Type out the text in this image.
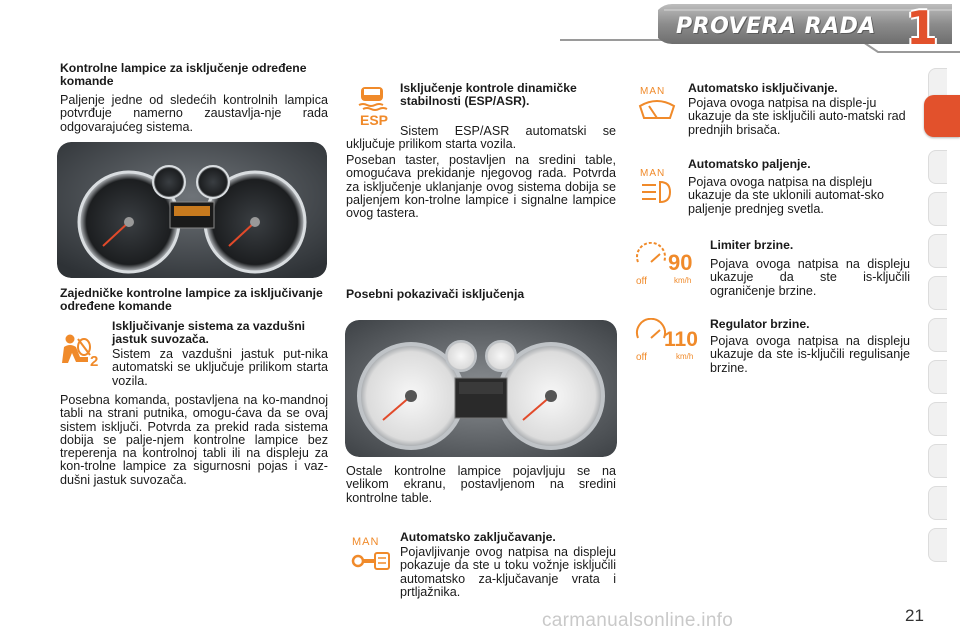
PROVERA RADA 1
Kontrolne lampice za isključenje određene komande
Paljenje jedne od sledećih kontrolnih lampica potvrđuje namerno zaustavlja-nje rada odgovarajućeg sistema.
Zajedničke kontrolne lampice za isključivanje određene komande
2
Isključivanje sistema za vazdušni jastuk suvozača.
Sistem za vazdušni jastuk put-nika automatski se uključuje prilikom starta vozila.
Posebna komanda, postavljena na ko-mandnoj tabli na strani putnika, omogu-ćava da se ovaj sistem isključi. Potvrda za prekid rada sistema dobija se palje-njem kontrolne lampice bez treperenja na kontrolnoj tabli ili na displeju za kon-trolne lampice za sigurnosni pojas i vaz-dušni jastuk suvozača.
ESP
Isključenje kontrole dinamičke stabilnosti (ESP/ASR).
Sistem ESP/ASR automatski se uključuje prilikom starta vozila.
Poseban taster, postavljen na sredini table, omogućava prekidanje njegovog rada. Potvrda za isključenje uklanjanje ovog sistema dobija se paljenjem kon-trolne lampice i signalne lampice ovog tastera.
Posebni pokazivači isključenja
Ostale kontrolne lampice pojavljuju se na velikom ekranu, postavljenom na sredini kontrolne table.
MAN Automatsko zaključavanje.
Pojavljivanje ovog natpisa na displeju pokazuje da ste u toku vožnje isključili automatsko za-ključavanje vrata i prtljažnika.
MAN Automatsko isključivanje.
Pojava ovoga natpisa na disple-ju ukazuje da ste isključili auto-matski rad prednjih brisača.
MAN
Automatsko paljenje.
Pojava ovoga natpisa na displeju ukazuje da ste uklonili automat-sko paljenje prednjeg svetla.
off
90
km/h
Limiter brzine.
Pojava ovoga natpisa na displeju ukazuje da ste is-ključili ograničenje brzine.
off
110
km/h
Regulator brzine.
Pojava ovoga natpisa na displeju ukazuje da ste is-ključili regulisanje brzine.
carmanualsonline.info	21
